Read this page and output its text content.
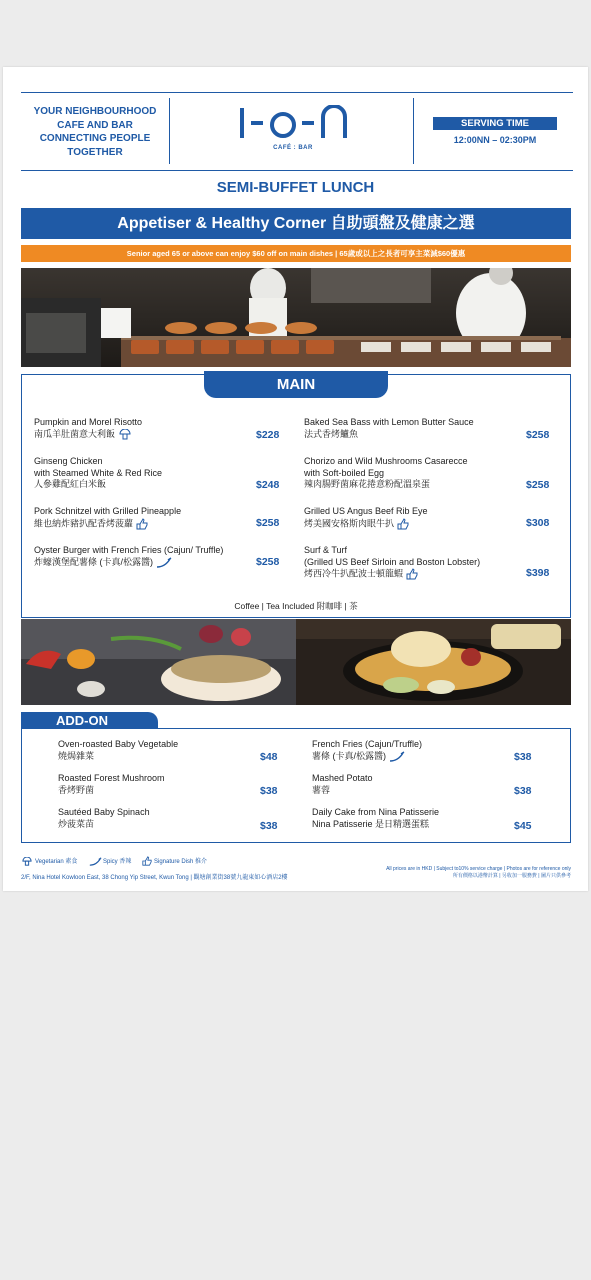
YOUR NEIGHBOURHOOD
CAFE AND BAR
CONNECTING PEOPLE
TOGETHER	CAFÉ : BAR
SERVING TIME
12:00NN – 02:30PM
SEMI-BUFFET LUNCH
Appetiser & Healthy Corner 自助頭盤及健康之選
Senior aged 65 or above can enjoy $60 off on main dishes | 65歲或以上之長者可享主菜減$60優惠
MAIN
Pumpkin and Morel Risotto
南瓜羊肚菌意大利飯	$228
Ginseng Chicken
with Steamed White & Red Rice
人參雞配紅白米飯	$248
Pork Schnitzel with Grilled Pineapple
維也納炸豬扒配香烤菠蘿	$258
Oyster Burger with French Fries (Cajun/ Truffle)
炸蠔漢堡配薯條 (卡真/松露醬)	$258
Baked Sea Bass with Lemon Butter Sauce
法式香烤鱸魚	$258
Chorizo and Wild Mushrooms Casarecce
with Soft-boiled Egg
辣肉腸野菌麻花捲意粉配溫泉蛋	$258
Grilled US Angus Beef Rib Eye
烤美國安格斯肉眼牛扒	$308
Surf & Turf
(Grilled US Beef Sirloin and Boston Lobster)
烤西冷牛扒配波士頓龍蝦	$398
Coffee | Tea Included 附咖啡 | 茶
ADD-ON
Oven-roasted Baby Vegetable
燒焗雜菜	$48
Roasted Forest Mushroom
香烤野菌	$38
Sautéed Baby Spinach
炒菠菜苗	$38
French Fries (Cajun/Truffle)
薯條 (卡真/松露醬)	$38
Mashed Potato
薯蓉	$38
Daily Cake from Nina Patisserie
Nina Patisserie 是日精選蛋糕	$45
Vegetarian 素食	Spicy 香辣	Signature Dish 推介
2/F, Nina Hotel Kowloon East, 38 Chong Yip Street, Kwun Tong | 觀塘創業街38號九龍東如心酒店2樓
All prices are in HKD | Subject to10% service charge | Photos are for reference only
所有價格以港幣計算 | 另收加一服務費 | 圖片只供參考
